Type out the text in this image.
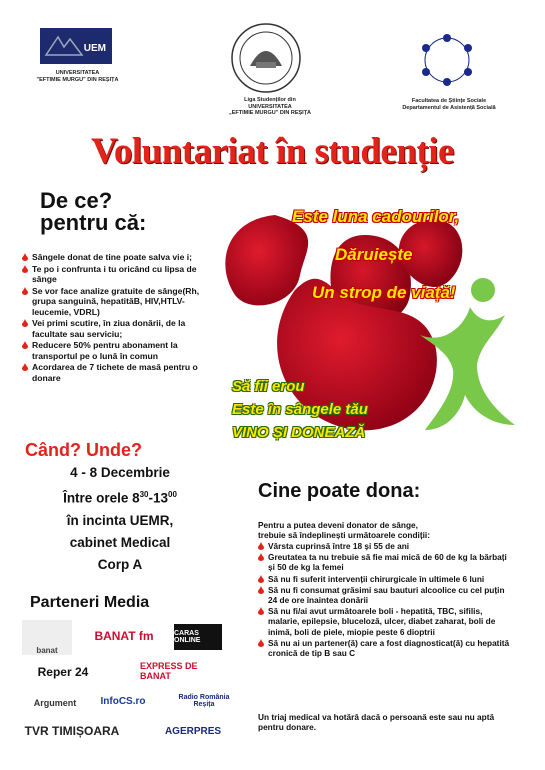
UEM
UNIVERSITATEA
"EFTIMIE MURGU" DIN REȘIȚA
Liga Studenților din
UNIVERSITATEA
„EFTIMIE MURGU" DIN REȘIȚA
Facultatea de Științe Sociale
Departamentul de Asistență Socială
Voluntariat în studenție
Este luna cadourilor,
Dăruiește
Un strop de viață!
Să fii erou
Este în sângele tău
VINO ȘI DONEAZĂ
De ce?
pentru că:
Sângele donat de tine poate salva vie i;
Te po i confrunta i tu oricând cu lipsa de sânge
Se vor face analize gratuite de sânge(Rh, grupa sanguină, hepatităB, HIV,HTLV-leucemie, VDRL)
Vei primi scutire, în ziua donării, de la facultate sau serviciu;
Reducere 50% pentru abonament la transportul pe o lună în comun
Acordarea de 7 tichete de masă pentru o donare
Când? Unde?
4 - 8 Decembrie
Între orele $8^{30}-13^{00}$
în incinta UEMR,
cabinet Medical
Corp A
Cine poate dona:
Pentru a putea deveni donator de sânge,
trebuie să îndeplinești următoarele condiții:
Vârsta cuprinsă între 18 și 55 de ani
Greutatea ta nu trebuie să fie mai mică de 60 de kg la bărbați și 50 de kg la femei
Să nu fi suferit intervenții chirurgicale în ultimele 6 luni
Să nu fi consumat grăsimi sau bauturi alcoolice cu cel puțin 24 de ore înaintea donării
Să nu fi/ai avut următoarele boli - hepatită, TBC, sifilis, malarie, epilepsie, bluceloză, ulcer, diabet zaharat, boli de inimă, boli de piele, miopie peste 6 dioptrii
Să nu ai un partener(ă) care a fost diagnosticat(ă) cu hepatită cronică de tip B sau C
Un triaj medical va hotărâ dacă o persoană este sau nu aptă pentru donare.
Parteneri Media
banat
BANAT fm	CARAS ONLINE
Reper 24	EXPRESS DE BANAT
Argument	InfoCS.ro	Radio România Reșița
TVR TIMIȘOARA	AGERPRES
